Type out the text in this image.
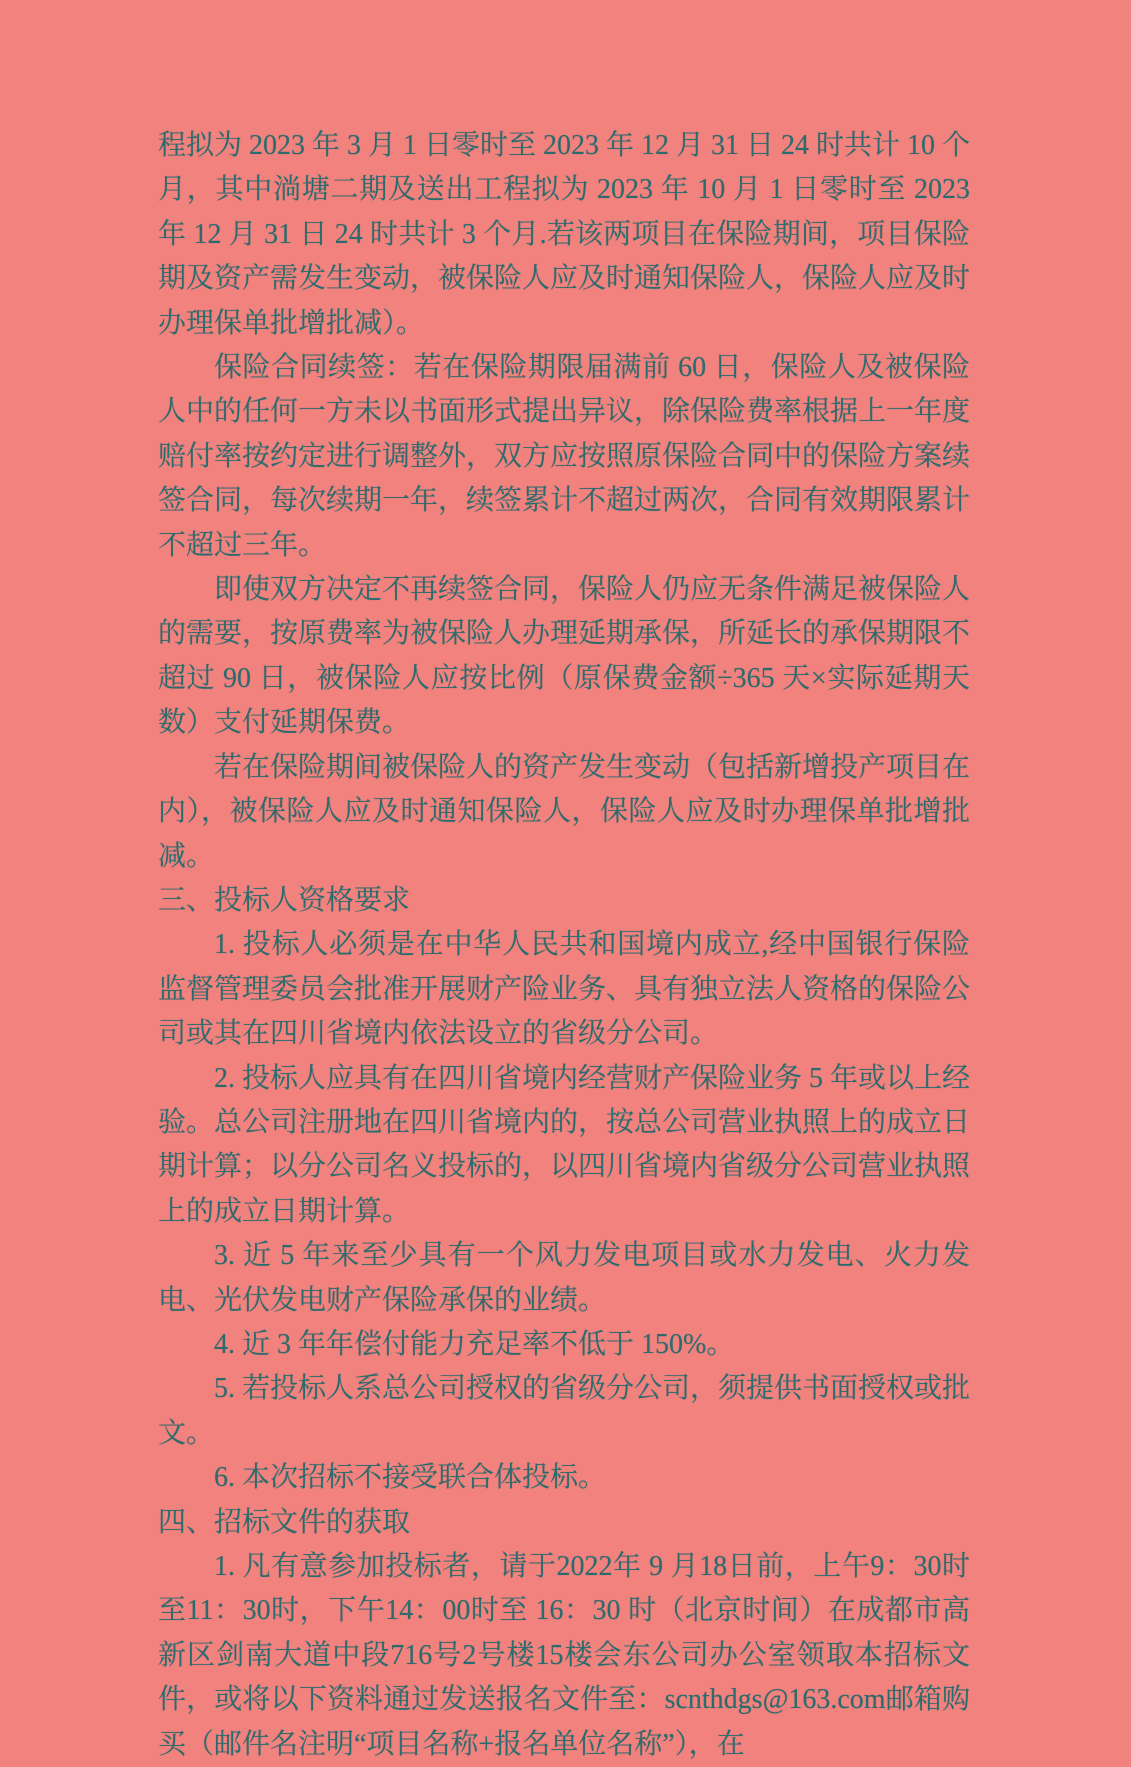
程拟为 2023 年 3 月 1 日零时至 2023 年 12 月 31 日 24 时共计 10 个月，其中淌塘二期及送出工程拟为 2023 年 10 月 1 日零时至 2023 年 12 月 31 日 24 时共计 3 个月.若该两项目在保险期间，项目保险期及资产需发生变动，被保险人应及时通知保险人，保险人应及时办理保单批增批减）。

保险合同续签：若在保险期限届满前 60 日，保险人及被保险人中的任何一方未以书面形式提出异议，除保险费率根据上一年度赔付率按约定进行调整外，双方应按照原保险合同中的保险方案续签合同，每次续期一年，续签累计不超过两次，合同有效期限累计不超过三年。

即使双方决定不再续签合同，保险人仍应无条件满足被保险人的需要，按原费率为被保险人办理延期承保，所延长的承保期限不超过 90 日，被保险人应按比例（原保费金额÷365 天×实际延期天数）支付延期保费。

若在保险期间被保险人的资产发生变动（包括新增投产项目在内），被保险人应及时通知保险人，保险人应及时办理保单批增批减。

三、投标人资格要求

1. 投标人必须是在中华人民共和国境内成立,经中国银行保险监督管理委员会批准开展财产险业务、具有独立法人资格的保险公司或其在四川省境内依法设立的省级分公司。

2. 投标人应具有在四川省境内经营财产保险业务 5 年或以上经验。总公司注册地在四川省境内的，按总公司营业执照上的成立日期计算；以分公司名义投标的，以四川省境内省级分公司营业执照上的成立日期计算。

3. 近 5 年来至少具有一个风力发电项目或水力发电、火力发电、光伏发电财产保险承保的业绩。

4. 近 3 年年偿付能力充足率不低于 150%。

5. 若投标人系总公司授权的省级分公司，须提供书面授权或批文。

6. 本次招标不接受联合体投标。

四、招标文件的获取

1. 凡有意参加投标者，请于2022年 9 月18日前，上午9：30时至11：30时，下午14：00时至 16：30 时（北京时间）在成都市高新区剑南大道中段716号2号楼15楼会东公司办公室领取本招标文件，或将以下资料通过发送报名文件至：scnthdgs@163.com邮箱购买（邮件名注明“项目名称+报名单位名称”），在
